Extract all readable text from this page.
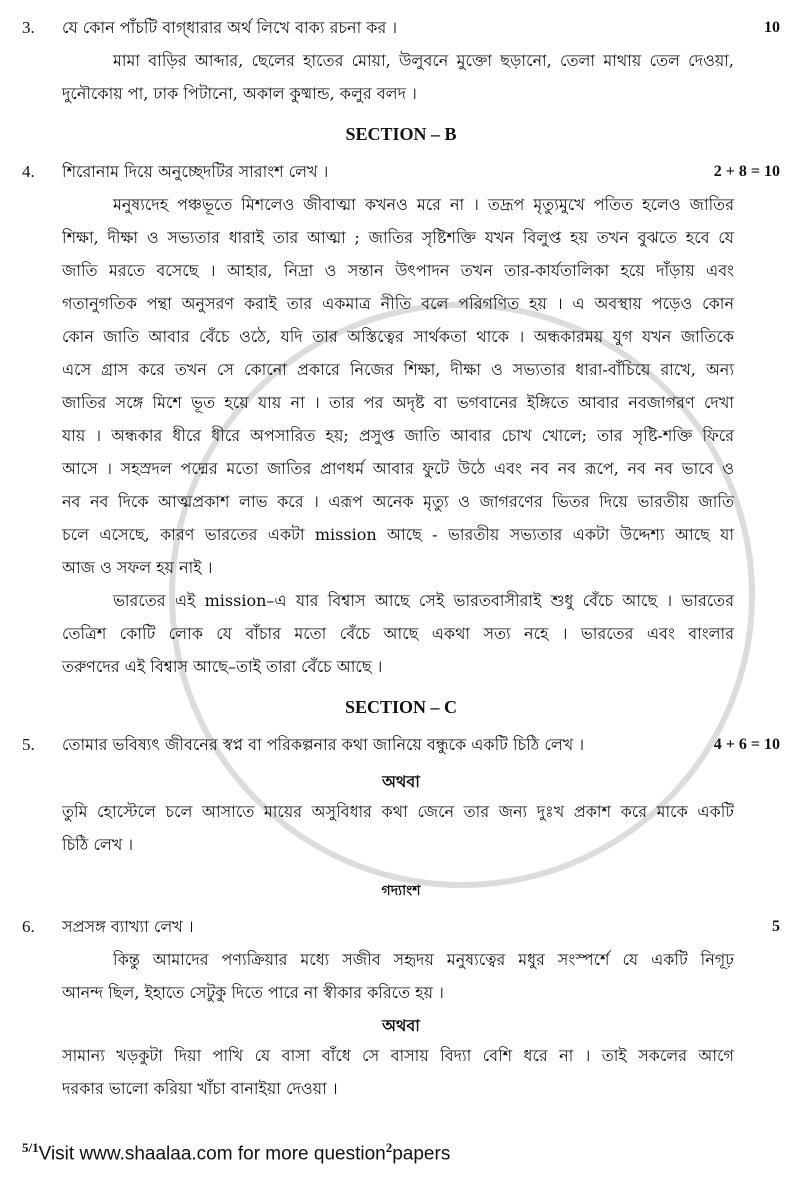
3.	যে কোন পাঁচটি বাগ্‌ধারার অর্থ লিখে বাক্য রচনা কর ।	10
মামা বাড়ির আব্দার, ছেলের হাতের মোয়া, উলুবনে মুক্তো ছড়ানো, তেলা মাথায় তেল দেওয়া,
দুনৌকোয় পা, ঢাক পিটানো, অকাল কুষ্মান্ড, কলুর বলদ ।
SECTION – B
4.	শিরোনাম দিয়ে অনুচ্ছেদটির সারাংশ লেখ ।	2 + 8 = 10
মনুষ্যদেহ পঞ্চভূতে মিশলেও জীবাত্মা কখনও মরে না । তদ্রূপ মৃত্যুমুখে পতিত হলেও জাতির
শিক্ষা, দীক্ষা ও সভ্যতার ধারাই তার আত্মা ; জাতির সৃষ্টিশক্তি যখন বিলুপ্ত হয় তখন বুঝতে হবে যে
জাতি মরতে বসেছে । আহার, নিদ্রা ও সন্তান উৎপাদন তখন তার-কার্যতালিকা হয়ে দাঁড়ায় এবং
গতানুগতিক পন্থা অনুসরণ করাই তার একমাত্র নীতি বলে পরিগণিত হয় । এ অবস্থায় পড়েও কোন
কোন জাতি আবার বেঁচে ওঠে, যদি তার অস্তিত্বের সার্থকতা থাকে । অন্ধকারময় যুগ যখন জাতিকে
এসে গ্রাস করে তখন সে কোনো প্রকারে নিজের শিক্ষা, দীক্ষা ও সভ্যতার ধারা-বাঁচিয়ে রাখে, অন্য
জাতির সঙ্গে মিশে ভূত হয়ে যায় না । তার পর অদৃষ্ট বা ভগবানের ইঙ্গিতে আবার নবজাগরণ দেখা
যায় । অন্ধকার ধীরে ধীরে অপসারিত হয়; প্রসুপ্ত জাতি আবার চোখ খোলে; তার সৃষ্টি-শক্তি ফিরে
আসে । সহস্রদল পদ্মের মতো জাতির প্রাণধর্ম আবার ফুটে উঠে এবং নব নব রূপে, নব নব ভাবে ও
নব নব দিকে আত্মপ্রকাশ লাভ করে । এরূপ অনেক মৃত্যু ও জাগরণের ভিতর দিয়ে ভারতীয় জাতি
চলে এসেছে, কারণ ভারতের একটা mission আছে - ভারতীয় সভ্যতার একটা উদ্দেশ্য আছে যা
আজ ও সফল হয় নাই ।
ভারতের এই mission–এ যার বিশ্বাস আছে সেই ভারতবাসীরাই শুধু বেঁচে আছে । ভারতের
তেত্রিশ কোটি লোক যে বাঁচার মতো বেঁচে আছে একথা সত্য নহে । ভারতের এবং বাংলার
তরুণদের এই বিশ্বাস আছে–তাই তারা বেঁচে আছে ।
SECTION – C
5.	তোমার ভবিষ্যৎ জীবনের স্বপ্ন বা পরিকল্পনার কথা জানিয়ে বন্ধুকে একটি চিঠি লেখ ।	4 + 6 = 10
অথবা
তুমি হোস্টেলে চলে আসাতে মায়ের অসুবিধার কথা জেনে তার জন্য দুঃখ প্রকাশ করে মাকে একটি
চিঠি লেখ ।
গদ্যাংশ
6.	সপ্রসঙ্গ ব্যাখ্যা লেখ ।	5
কিন্তু আমাদের পণ্যক্রিয়ার মধ্যে সজীব সহৃদয় মনুষ্যত্বের মধুর সংস্পর্শে যে একটি নিগূঢ়
আনন্দ ছিল, ইহাতে সেটুকু দিতে পারে না স্বীকার করিতে হয় ।
অথবা
সামান্য খড়কুটা দিয়া পাখি যে বাসা বাঁধে সে বাসায় বিদ্যা বেশি ধরে না । তাই সকলের আগে
দরকার ভালো করিয়া খাঁচা বানাইয়া দেওয়া ।
$^{5/1}$Visit www.shaalaa.com for more question$^2$papers
